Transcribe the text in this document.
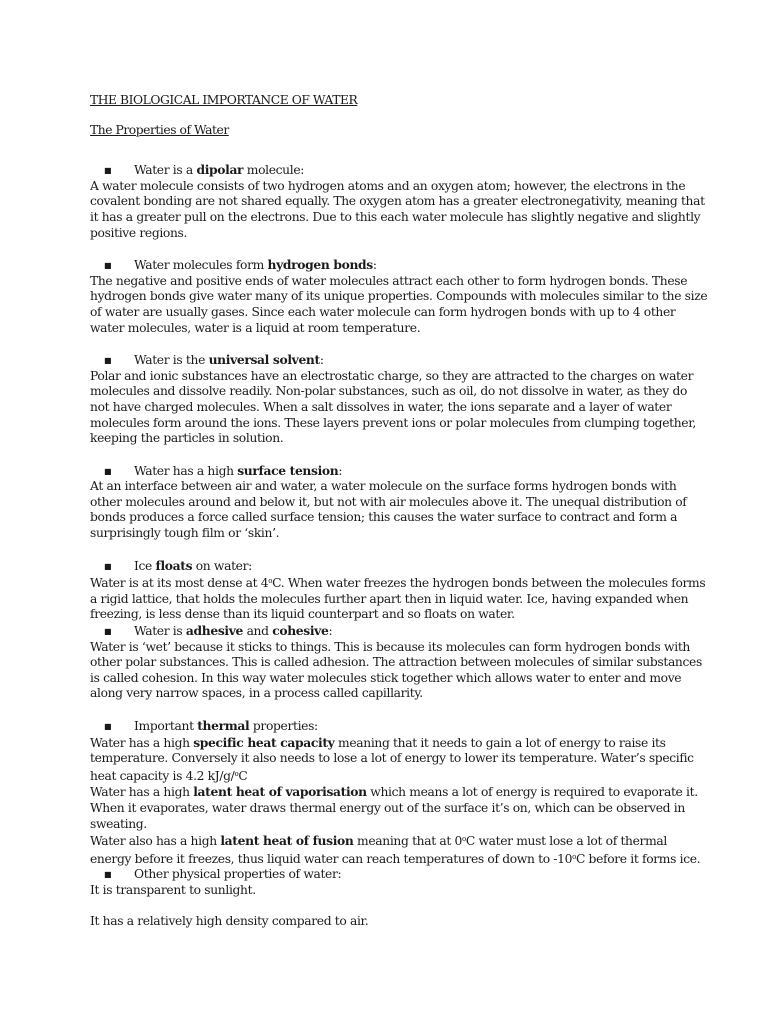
THE BIOLOGICAL IMPORTANCE OF WATER
The Properties of Water
■ Water is a dipolar molecule:

A water molecule consists of two hydrogen atoms and an oxygen atom; however, the electrons in the covalent bonding are not shared equally. The oxygen atom has a greater electronegativity, meaning that it has a greater pull on the electrons. Due to this each water molecule has slightly negative and slightly positive regions.

■ Water molecules form hydrogen bonds:

The negative and positive ends of water molecules attract each other to form hydrogen bonds. These hydrogen bonds give water many of its unique properties. Compounds with molecules similar to the size of water are usually gases. Since each water molecule can form hydrogen bonds with up to 4 other water molecules, water is a liquid at room temperature.

■ Water is the universal solvent:

Polar and ionic substances have an electrostatic charge, so they are attracted to the charges on water molecules and dissolve readily. Non-polar substances, such as oil, do not dissolve in water, as they do not have charged molecules. When a salt dissolves in water, the ions separate and a layer of water molecules form around the ions. These layers prevent ions or polar molecules from clumping together, keeping the particles in solution.

■ Water has a high surface tension:

At an interface between air and water, a water molecule on the surface forms hydrogen bonds with other molecules around and below it, but not with air molecules above it. The unequal distribution of bonds produces a force called surface tension; this causes the water surface to contract and form a surprisingly tough film or ‘skin’.

■ Ice floats on water:

Water is at its most dense at 4$^o$C. When water freezes the hydrogen bonds between the molecules forms a rigid lattice, that holds the molecules further apart then in liquid water. Ice, having expanded when freezing, is less dense than its liquid counterpart and so floats on water.

■ Water is adhesive and cohesive:

Water is ‘wet’ because it sticks to things. This is because its molecules can form hydrogen bonds with other polar substances. This is called adhesion. The attraction between molecules of similar substances is called cohesion. In this way water molecules stick together which allows water to enter and move along very narrow spaces, in a process called capillarity.

■ Important thermal properties:

Water has a high specific heat capacity meaning that it needs to gain a lot of energy to raise its temperature. Conversely it also needs to lose a lot of energy to lower its temperature. Water’s specific heat capacity is 4.2 kJ/g/$^o$C

Water has a high latent heat of vaporisation which means a lot of energy is required to evaporate it. When it evaporates, water draws thermal energy out of the surface it’s on, which can be observed in sweating.

Water also has a high latent heat of fusion meaning that at 0$^o$C water must lose a lot of thermal energy before it freezes, thus liquid water can reach temperatures of down to -10$^o$C before it forms ice.

■ Other physical properties of water:

It is transparent to sunlight.

It has a relatively high density compared to air.
